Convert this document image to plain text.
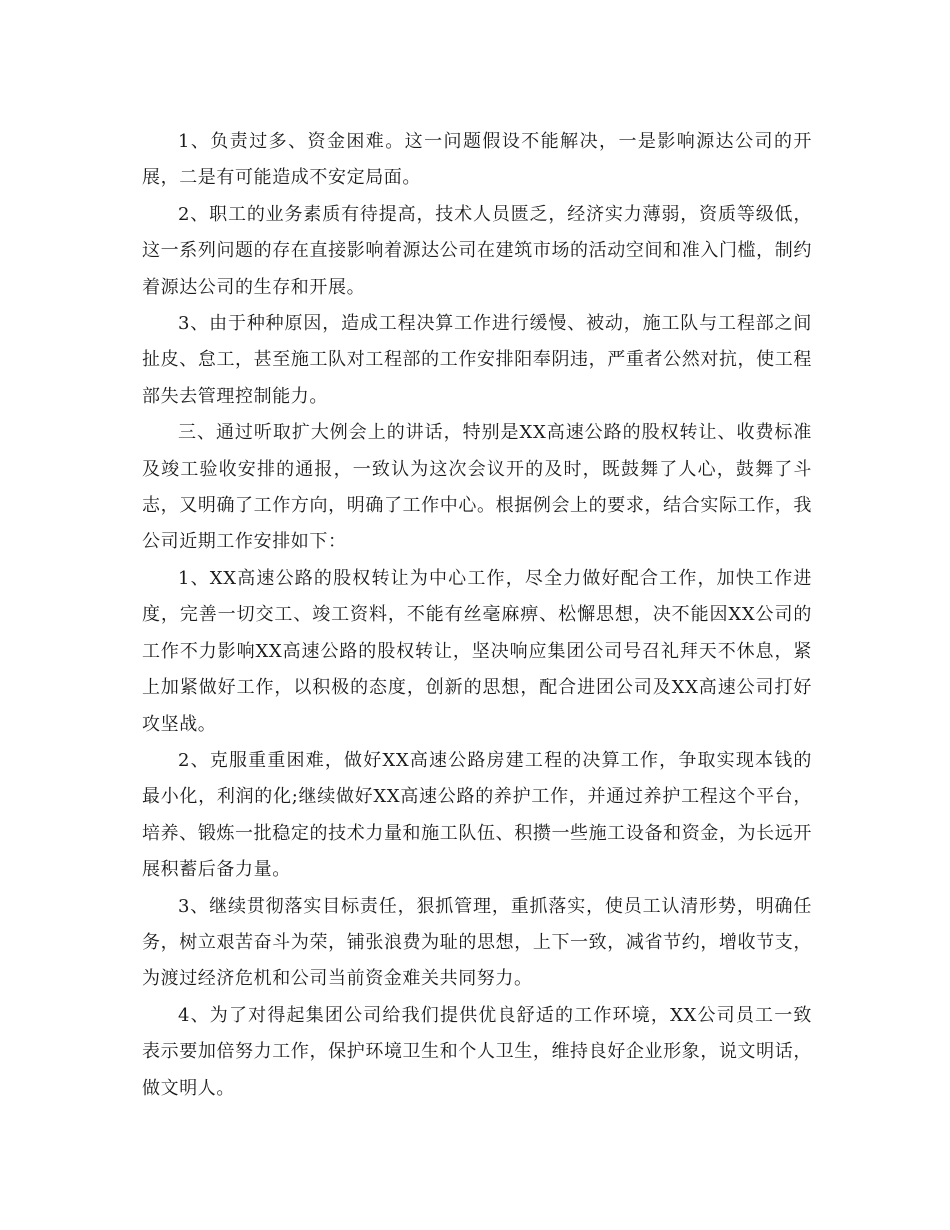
1、负责过多、资金困难。这一问题假设不能解决，一是影响源达公司的开展，二是有可能造成不安定局面。

2、职工的业务素质有待提高，技术人员匮乏，经济实力薄弱，资质等级低，这一系列问题的存在直接影响着源达公司在建筑市场的活动空间和准入门槛，制约着源达公司的生存和开展。

3、由于种种原因，造成工程决算工作进行缓慢、被动，施工队与工程部之间扯皮、怠工，甚至施工队对工程部的工作安排阳奉阴违，严重者公然对抗，使工程部失去管理控制能力。

三、通过听取扩大例会上的讲话，特别是XX高速公路的股权转让、收费标准及竣工验收安排的通报，一致认为这次会议开的及时，既鼓舞了人心，鼓舞了斗志，又明确了工作方向，明确了工作中心。根据例会上的要求，结合实际工作，我公司近期工作安排如下：

1、XX高速公路的股权转让为中心工作，尽全力做好配合工作，加快工作进度，完善一切交工、竣工资料，不能有丝毫麻痹、松懈思想，决不能因XX公司的工作不力影响XX高速公路的股权转让，坚决响应集团公司号召礼拜天不休息，紧上加紧做好工作，以积极的态度，创新的思想，配合进团公司及XX高速公司打好攻坚战。

2、克服重重困难，做好XX高速公路房建工程的决算工作，争取实现本钱的最小化，利润的化;继续做好XX高速公路的养护工作，并通过养护工程这个平台，培养、锻炼一批稳定的技术力量和施工队伍、积攒一些施工设备和资金，为长远开展积蓄后备力量。

3、继续贯彻落实目标责任，狠抓管理，重抓落实，使员工认清形势，明确任务，树立艰苦奋斗为荣，铺张浪费为耻的思想，上下一致，减省节约，增收节支，为渡过经济危机和公司当前资金难关共同努力。

4、为了对得起集团公司给我们提供优良舒适的工作环境，XX公司员工一致表示要加倍努力工作，保护环境卫生和个人卫生，维持良好企业形象，说文明话，做文明人。
